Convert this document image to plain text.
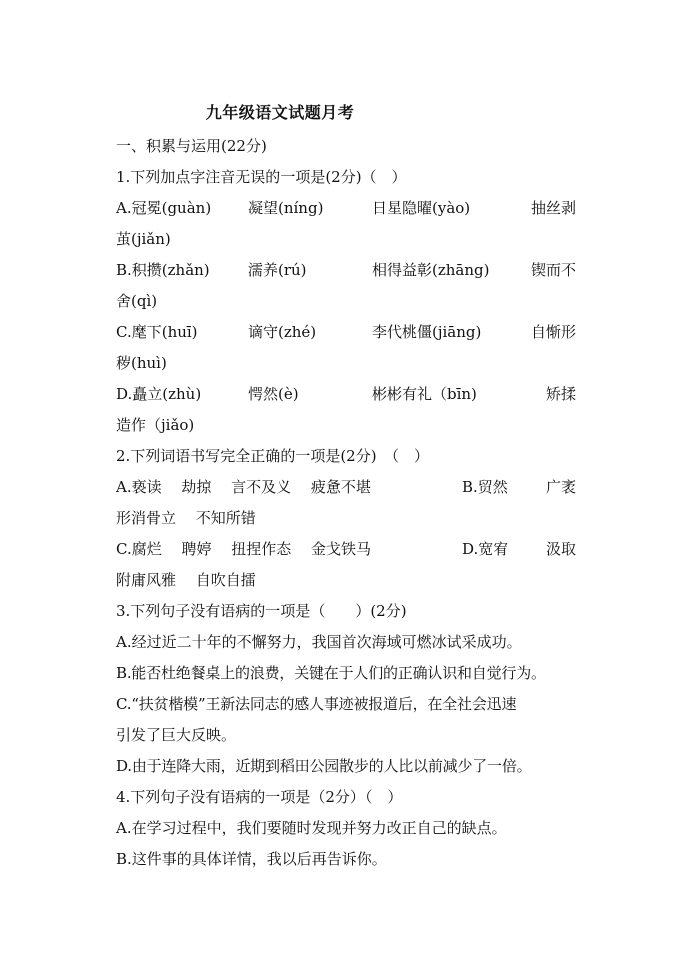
九年级语文试题月考
一、积累与运用(22分)
1.下列加点字注音无误的一项是(2分)（　）
A.冠冕(guàn)	凝望(níng)	日星隐曜(yào)	抽丝剥
茧(jiǎn)
B.积攒(zhǎn)	濡养(rú)	相得益彰(zhāng)	锲而不
舍(qì)
C.麾下(huī)	谪守(zhé)	李代桃僵(jiāng)	自惭形
秽(huì)
D.矗立(zhù)	愕然(è)	彬彬有礼（bīn)	矫揉
造作（jiǎo)
2.下列词语书写完全正确的一项是(2分)　（　）
A.亵读　 劫掠　 言不及义　 疲惫不堪	B.贸然	广袤
形消骨立　 不知所错
C.腐烂　 聘婷　 扭捏作态　 金戈铁马	D.宽宥	汲取
附庸风雅　 自吹自擂
3.下列句子没有语病的一项是（　　）(2分)
A.经过近二十年的不懈努力，我国首次海域可燃冰试采成功。
B.能否杜绝餐桌上的浪费，关键在于人们的正确认识和自觉行为。
C.“扶贫楷模”王新法同志的感人事迹被报道后，在全社会迅速
引发了巨大反映。
D.由于连降大雨，近期到稻田公园散步的人比以前减少了一倍。
4.下列句子没有语病的一项是（2分）（　）
A.在学习过程中，我们要随时发现并努力改正自己的缺点。
B.这件事的具体详情，我以后再告诉你。
